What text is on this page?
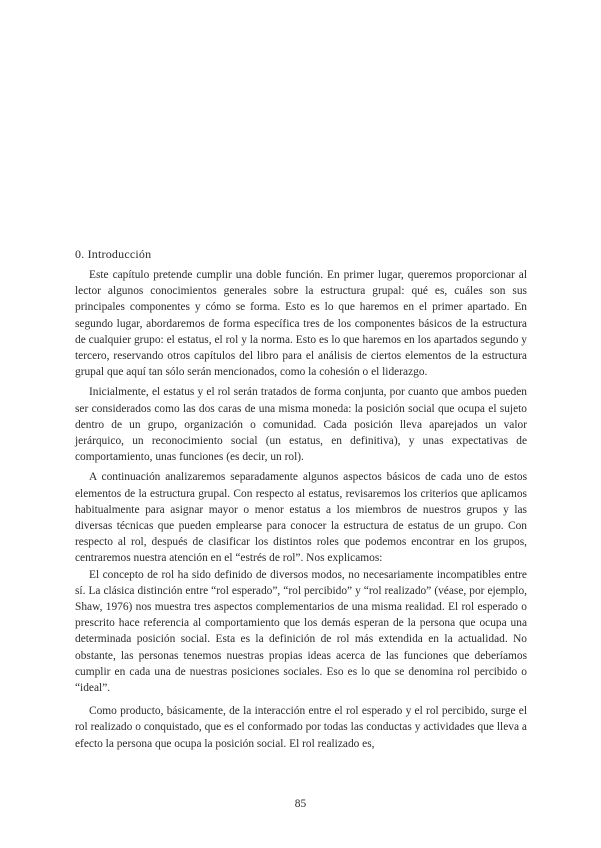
0. Introducción

Este capítulo pretende cumplir una doble función. En primer lugar, queremos proporcionar al lector algunos conocimientos generales sobre la estructura grupal: qué es, cuáles son sus principales componentes y cómo se forma. Esto es lo que haremos en el primer apartado. En segundo lugar, abordaremos de forma específica tres de los componentes básicos de la estructura de cualquier grupo: el estatus, el rol y la norma. Esto es lo que haremos en los apartados segundo y tercero, reservando otros capítulos del libro para el análisis de ciertos elementos de la estructura grupal que aquí tan sólo serán mencionados, como la cohesión o el liderazgo.

Inicialmente, el estatus y el rol serán tratados de forma conjunta, por cuanto que ambos pueden ser considerados como las dos caras de una misma moneda: la posición social que ocupa el sujeto dentro de un grupo, organización o comunidad. Cada posición lleva aparejados un valor jerárquico, un reconocimiento social (un estatus, en definitiva), y unas expectativas de comportamiento, unas funciones (es decir, un rol).

A continuación analizaremos separadamente algunos aspectos básicos de cada uno de estos elementos de la estructura grupal. Con respecto al estatus, revisaremos los criterios que aplicamos habitualmente para asignar mayor o menor estatus a los miembros de nuestros grupos y las diversas técnicas que pueden emplearse para conocer la estructura de estatus de un grupo. Con respecto al rol, después de clasificar los distintos roles que podemos encontrar en los grupos, centraremos nuestra atención en el “estrés de rol”. Nos explicamos:

El concepto de rol ha sido definido de diversos modos, no necesariamente incompatibles entre sí. La clásica distinción entre “rol esperado”, “rol percibido” y “rol realizado” (véase, por ejemplo, Shaw, 1976) nos muestra tres aspectos complementarios de una misma realidad. El rol esperado o prescrito hace referencia al comportamiento que los demás esperan de la persona que ocupa una determinada posición social. Esta es la definición de rol más extendida en la actualidad. No obstante, las personas tenemos nuestras propias ideas acerca de las funciones que deberíamos cumplir en cada una de nuestras posiciones sociales. Eso es lo que se denomina rol percibido o “ideal”.

Como producto, básicamente, de la interacción entre el rol esperado y el rol percibido, surge el rol realizado o conquistado, que es el conformado por todas las conductas y actividades que lleva a efecto la persona que ocupa la posición social. El rol realizado es,

85
